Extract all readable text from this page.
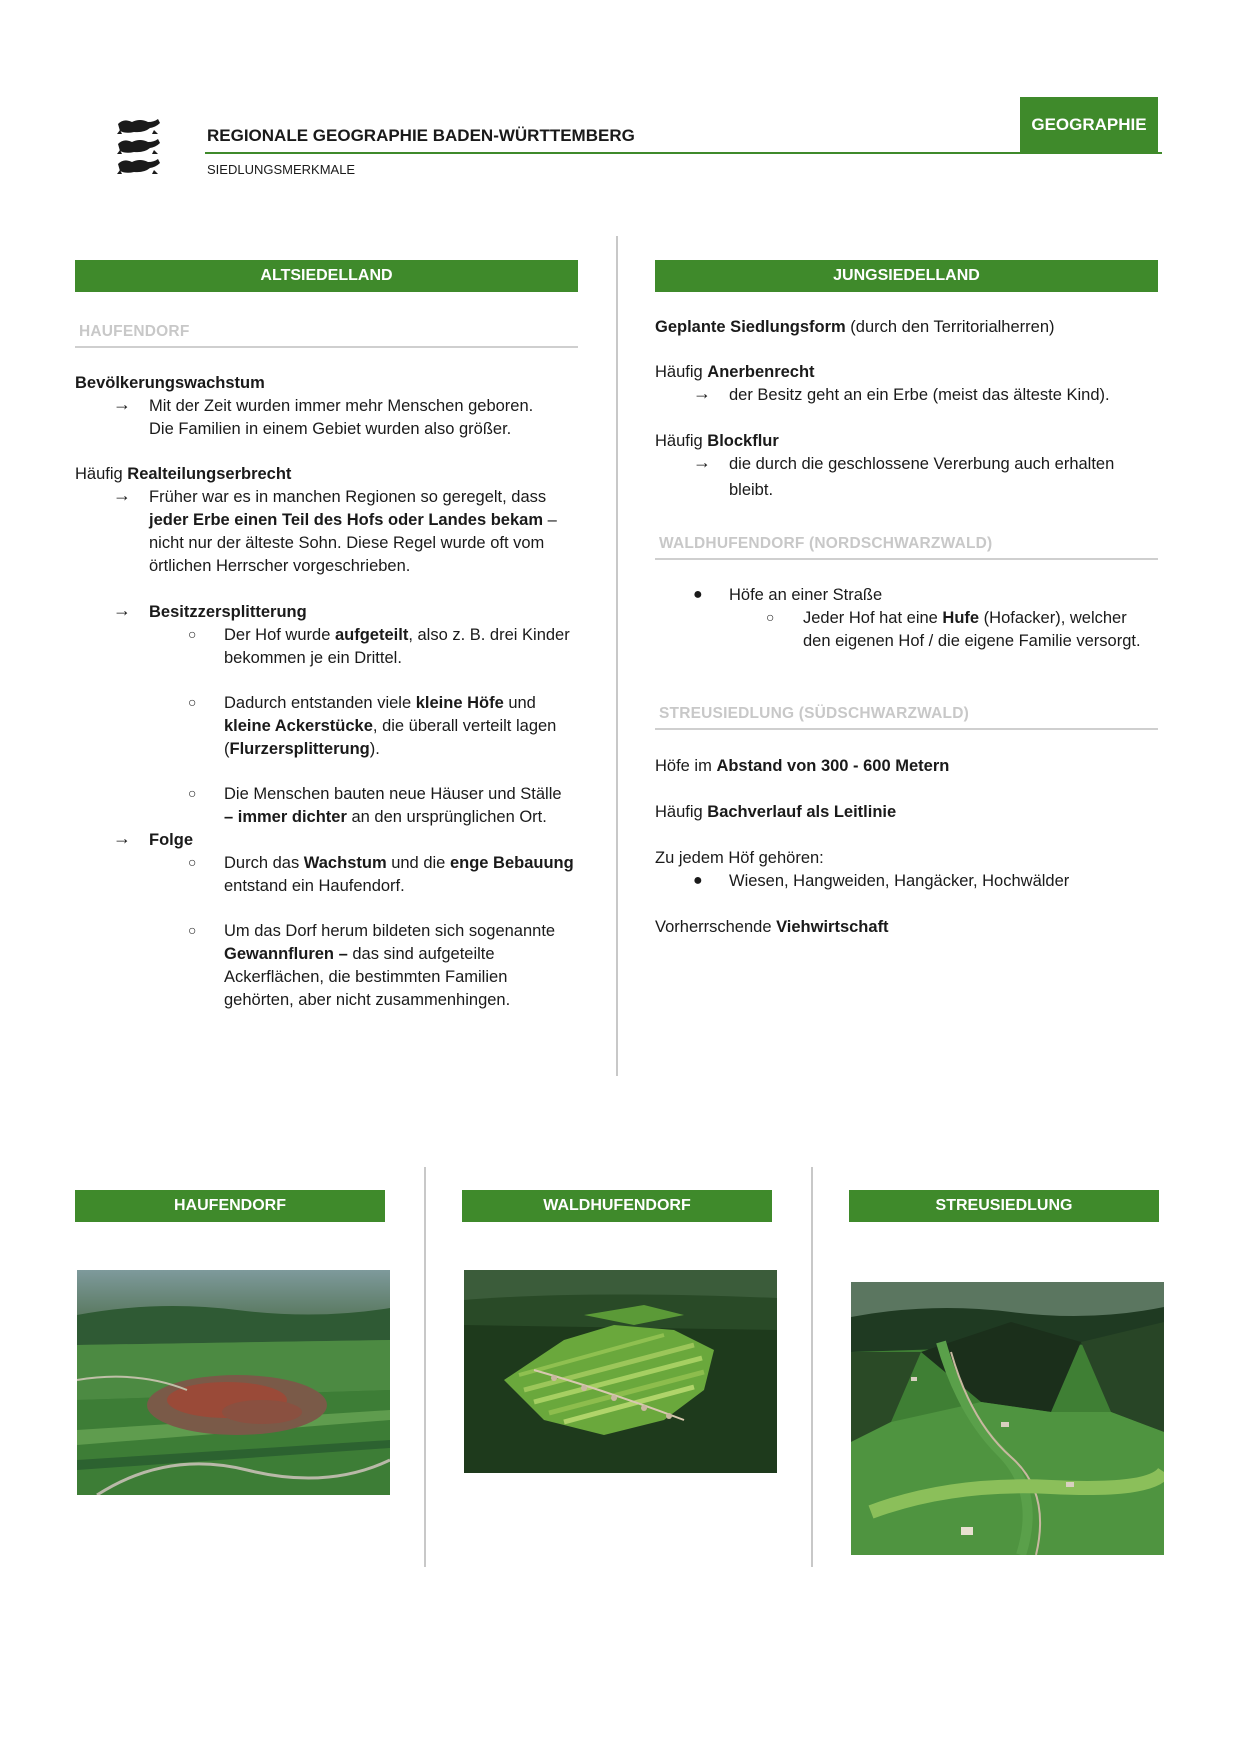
REGIONALE GEOGRAPHIE BADEN-WÜRTTEMBERG
SIEDLUNGSMERKMALE
GEOGRAPHIE
ALTSIEDELLAND
HAUFENDORF
Bevölkerungswachstum
→ Mit der Zeit wurden immer mehr Menschen geboren.
Die Familien in einem Gebiet wurden also größer.
Häufig Realteilungserbrecht
→ Früher war es in manchen Regionen so geregelt, dass
jeder Erbe einen Teil des Hofs oder Landes bekam –
nicht nur der älteste Sohn. Diese Regel wurde oft vom
örtlichen Herrscher vorgeschrieben.
→ Besitzzersplitterung
○ Der Hof wurde aufgeteilt, also z. B. drei Kinder
bekommen je ein Drittel.
○ Dadurch entstanden viele kleine Höfe und
kleine Ackerstücke, die überall verteilt lagen
(Flurzersplitterung).
○ Die Menschen bauten neue Häuser und Ställe
– immer dichter an den ursprünglichen Ort.
→ Folge
○ Durch das Wachstum und die enge Bebauung
entstand ein Haufendorf.
○ Um das Dorf herum bildeten sich sogenannte
Gewannfluren – das sind aufgeteilte
Ackerflächen, die bestimmten Familien
gehörten, aber nicht zusammenhingen.
JUNGSIEDELLAND
Geplante Siedlungsform (durch den Territorialherren)
Häufig Anerbenrecht
→ der Besitz geht an ein Erbe (meist das älteste Kind).
Häufig Blockflur
→ die durch die geschlossene Vererbung auch erhalten
bleibt.
WALDHUFENDORF (NORDSCHWARZWALD)
● Höfe an einer Straße
○ Jeder Hof hat eine Hufe (Hofacker), welcher
den eigenen Hof / die eigene Familie versorgt.
STREUSIEDLUNG (SÜDSCHWARZWALD)
Höfe im Abstand von 300 - 600 Metern
Häufig Bachverlauf als Leitlinie
Zu jedem Höf gehören:
● Wiesen, Hangweiden, Hangäcker, Hochwälder
Vorherrschende Viehwirtschaft
HAUFENDORF	WALDHUFENDORF	STREUSIEDLUNG
